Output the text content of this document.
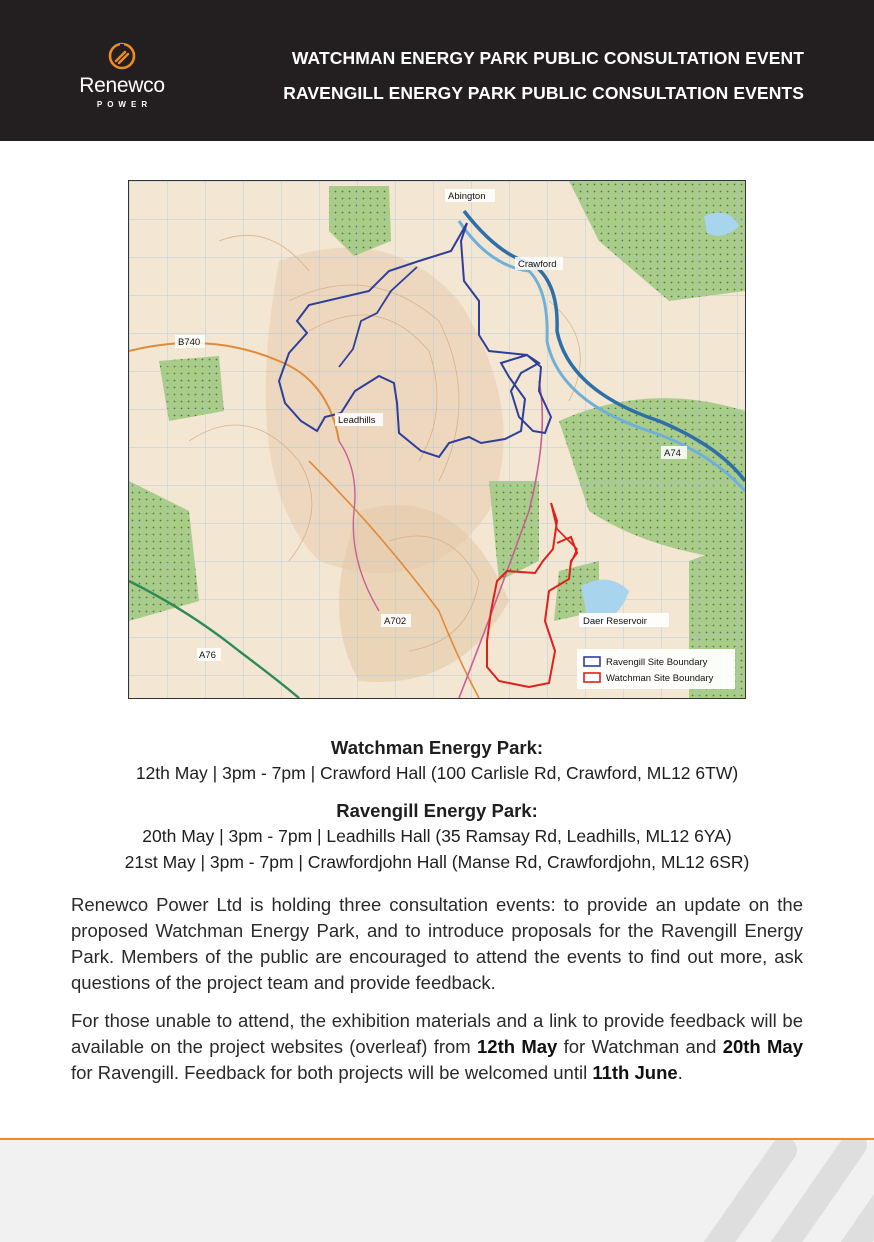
Renewco
POWER
WATCHMAN ENERGY PARK PUBLIC CONSULTATION EVENT
RAVENGILL ENERGY PARK PUBLIC CONSULTATION EVENTS
Abington
Crawford
B740
Leadhills
A74
A702
A76
Daer Reservoir
Ravengill Site Boundary
Watchman Site Boundary
Watchman Energy Park:
12th May | 3pm - 7pm | Crawford Hall (100 Carlisle Rd, Crawford, ML12 6TW)
Ravengill Energy Park:
20th May | 3pm - 7pm | Leadhills Hall (35 Ramsay Rd, Leadhills, ML12 6YA)
21st May | 3pm - 7pm | Crawfordjohn Hall (Manse Rd, Crawfordjohn, ML12 6SR)
Renewco Power Ltd is holding three consultation events: to provide an update on the proposed Watchman Energy Park, and to introduce proposals for the Ravengill Energy Park. Members of the public are encouraged to attend the events to find out more, ask questions of the project team and provide feedback.
For those unable to attend, the exhibition materials and a link to provide feedback will be available on the project websites (overleaf) from 12th May for Watchman and 20th May for Ravengill. Feedback for both projects will be welcomed until 11th June.
